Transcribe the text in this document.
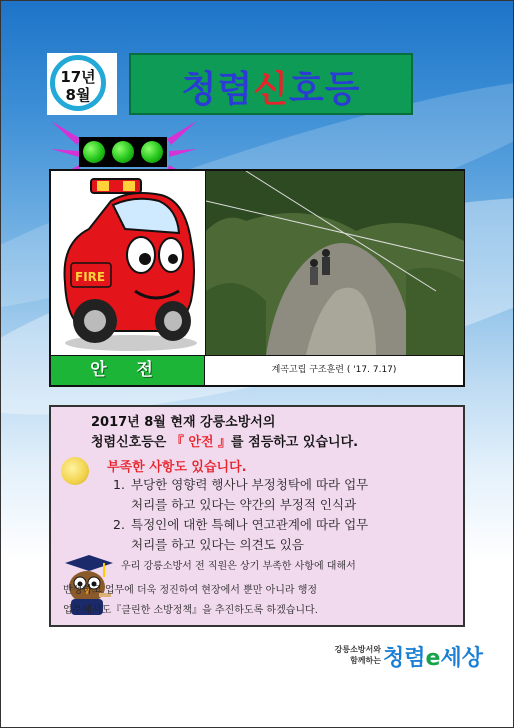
17년
8월	청렴신호등
FIRE
안 전	계곡고립 구조훈련 ( '17. 7.17)
2017년 8월 현재 강릉소방서의
청렴신호등은 『 안전 』를 점등하고 있습니다.
부족한 사항도 있습니다.
1. 부당한 영향력 행사나 부정청탁에 따라 업무
처리를 하고 있다는 약간의 부정적 인식과
2. 특정인에 대한 특혜나 연고관계에 따라 업무
처리를 하고 있다는 의견도 있음
우리 강릉소방서 전 직원은 상기 부족한 사항에 대해서
반성하고 업무에 더욱 정진하여 현장에서 뿐만 아니라 행정
업무에서도『클린한 소방정책』을 추진하도록 하겠습니다.
강릉소방서와
함께하는 청렴e세상
